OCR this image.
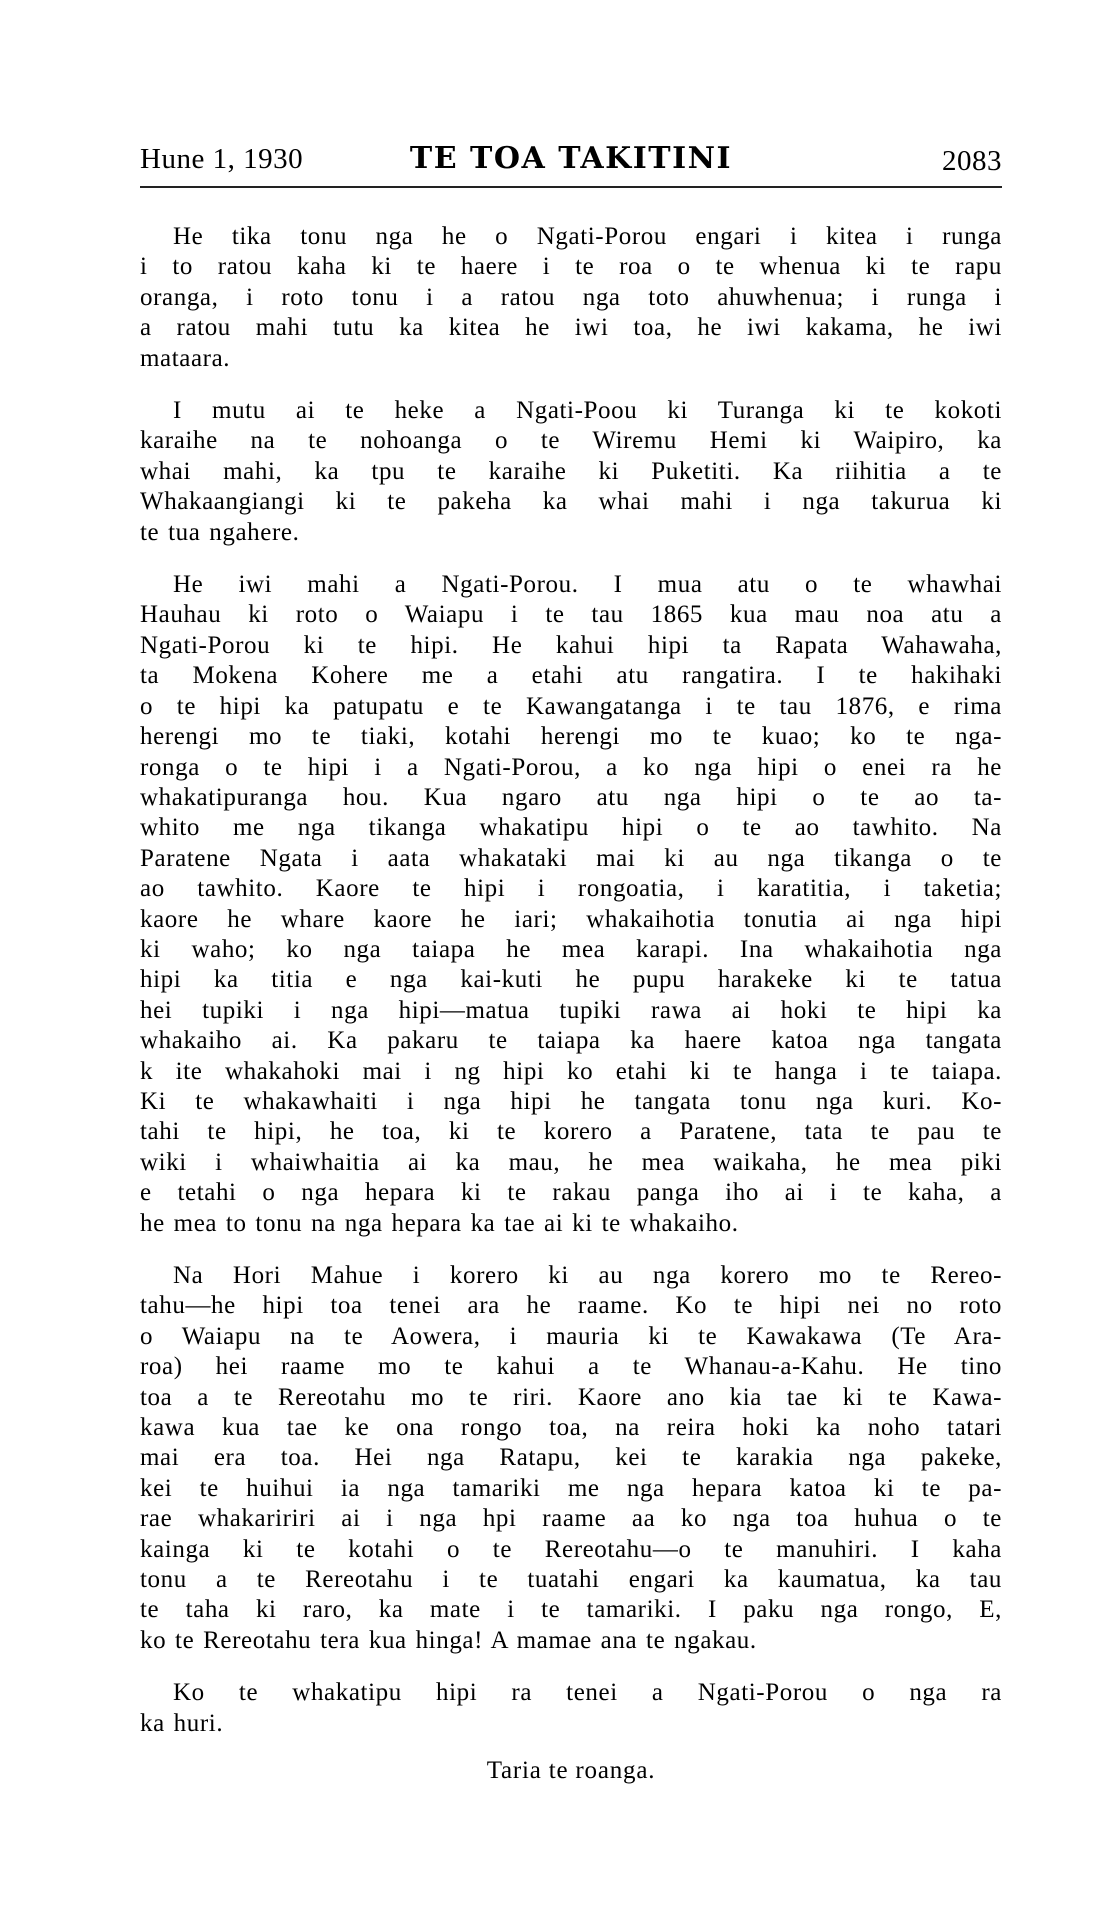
Hune 1, 1930	TE TOA TAKITINI	2083
He tika tonu nga he o Ngati-Porou engari i kitea i runga
i to ratou kaha ki te haere i te roa o te whenua ki te rapu
oranga, i roto tonu i a ratou nga toto ahuwhenua; i runga i
a ratou mahi tutu ka kitea he iwi toa, he iwi kakama, he iwi
mataara.
I mutu ai te heke a Ngati-Poou ki Turanga ki te kokoti
karaihe na te nohoanga o te Wiremu Hemi ki Waipiro, ka
whai mahi, ka tpu te karaihe ki Puketiti. Ka riihitia a te
Whakaangiangi ki te pakeha ka whai mahi i nga takurua ki
te tua ngahere.
He iwi mahi a Ngati-Porou. I mua atu o te whawhai
Hauhau ki roto o Waiapu i te tau 1865 kua mau noa atu a
Ngati-Porou ki te hipi. He kahui hipi ta Rapata Wahawaha,
ta Mokena Kohere me a etahi atu rangatira. I te hakihaki
o te hipi ka patupatu e te Kawangatanga i te tau 1876, e rima
herengi mo te tiaki, kotahi herengi mo te kuao; ko te nga-
ronga o te hipi i a Ngati-Porou, a ko nga hipi o enei ra he
whakatipuranga hou. Kua ngaro atu nga hipi o te ao ta-
whito me nga tikanga whakatipu hipi o te ao tawhito. Na
Paratene Ngata i aata whakataki mai ki au nga tikanga o te
ao tawhito. Kaore te hipi i rongoatia, i karatitia, i taketia;
kaore he whare kaore he iari; whakaihotia tonutia ai nga hipi
ki waho; ko nga taiapa he mea karapi. Ina whakaihotia nga
hipi ka titia e nga kai-kuti he pupu harakeke ki te tatua
hei tupiki i nga hipi—matua tupiki rawa ai hoki te hipi ka
whakaiho ai. Ka pakaru te taiapa ka haere katoa nga tangata
k ite whakahoki mai i ng hipi ko etahi ki te hanga i te taiapa.
Ki te whakawhaiti i nga hipi he tangata tonu nga kuri. Ko-
tahi te hipi, he toa, ki te korero a Paratene, tata te pau te
wiki i whaiwhaitia ai ka mau, he mea waikaha, he mea piki
e tetahi o nga hepara ki te rakau panga iho ai i te kaha, a
he mea to tonu na nga hepara ka tae ai ki te whakaiho.
Na Hori Mahue i korero ki au nga korero mo te Rereo-
tahu—he hipi toa tenei ara he raame. Ko te hipi nei no roto
o Waiapu na te Aowera, i mauria ki te Kawakawa (Te Ara-
roa) hei raame mo te kahui a te Whanau-a-Kahu. He tino
toa a te Rereotahu mo te riri. Kaore ano kia tae ki te Kawa-
kawa kua tae ke ona rongo toa, na reira hoki ka noho tatari
mai era toa. Hei nga Ratapu, kei te karakia nga pakeke,
kei te huihui ia nga tamariki me nga hepara katoa ki te pa-
rae whakaririri ai i nga hpi raame aa ko nga toa huhua o te
kainga ki te kotahi o te Rereotahu—o te manuhiri. I kaha
tonu a te Rereotahu i te tuatahi engari ka kaumatua, ka tau
te taha ki raro, ka mate i te tamariki. I paku nga rongo, E,
ko te Rereotahu tera kua hinga! A mamae ana te ngakau.
Ko te whakatipu hipi ra tenei a Ngati-Porou o nga ra
ka huri.
Taria te roanga.
